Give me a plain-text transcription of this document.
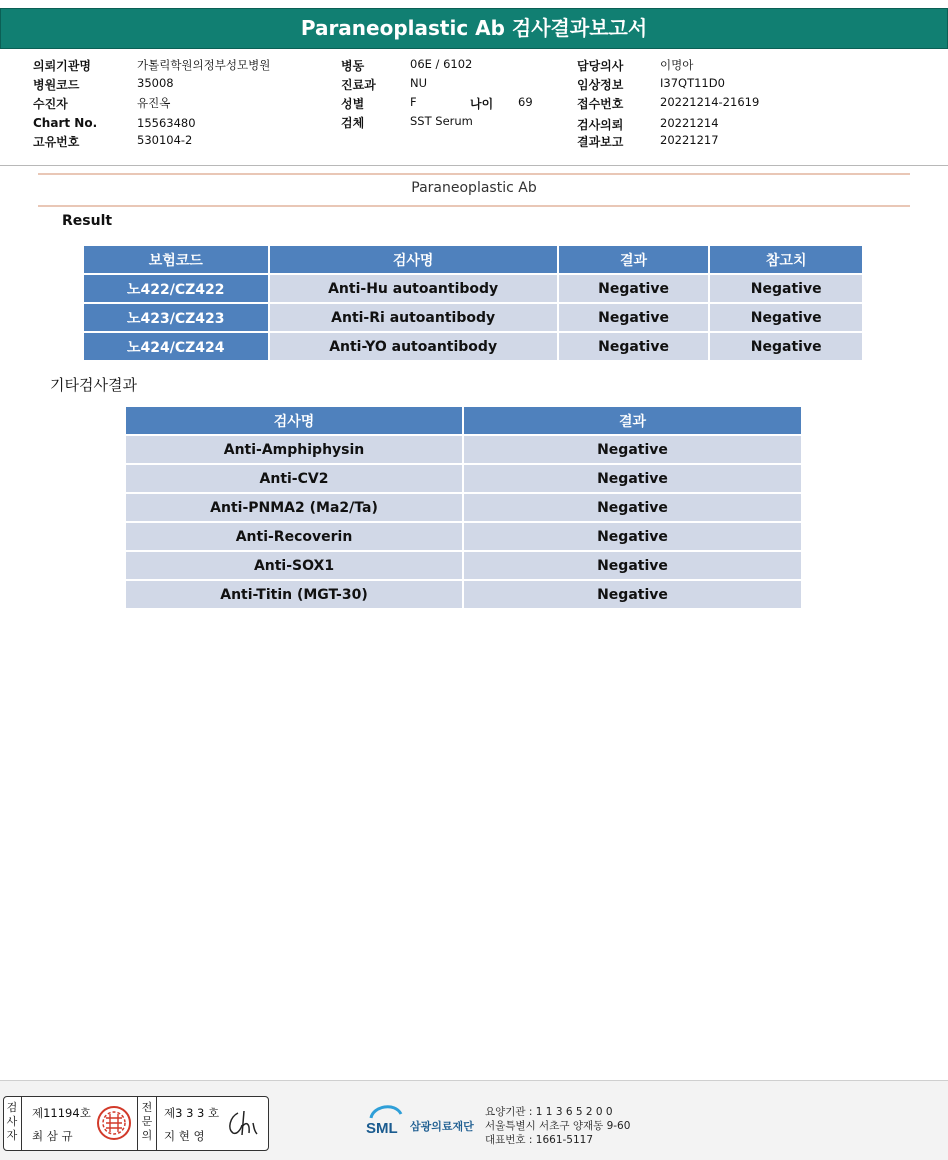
Paraneoplastic Ab 검사결과보고서
의뢰기관명	가톨릭학원의정부성모병원
병원코드	35008
수진자	유진옥
Chart No.	15563480
고유번호	530104-2
병동	06E / 6102
진료과	NU
성별	F	나이 69
검체	SST Serum
담당의사	이명아
임상정보	I37QT11D0
접수번호	20221214-21619
검사의뢰	20221214
결과보고	20221217
Paraneoplastic Ab
Result
보험코드	검사명	결과	참고치
노422/CZ422	Anti-Hu autoantibody	Negative	Negative
노423/CZ423	Anti-Ri autoantibody	Negative	Negative
노424/CZ424	Anti-YO autoantibody	Negative	Negative
기타검사결과
검사명	결과
Anti-Amphiphysin	Negative
Anti-CV2	Negative
Anti-PNMA2 (Ma2/Ta)	Negative
Anti-Recoverin	Negative
Anti-SOX1	Negative
Anti-Titin (MGT-30)	Negative
검
사
자
제11194호
최 삼 규
전
문
의
제3 3 3 호
지 현 영	SML 삼광의료재단
요양기관 : 1 1 3 6 5 2 0 0
서울특별시 서초구 양재동 9-60
대표번호 : 1661-5117
